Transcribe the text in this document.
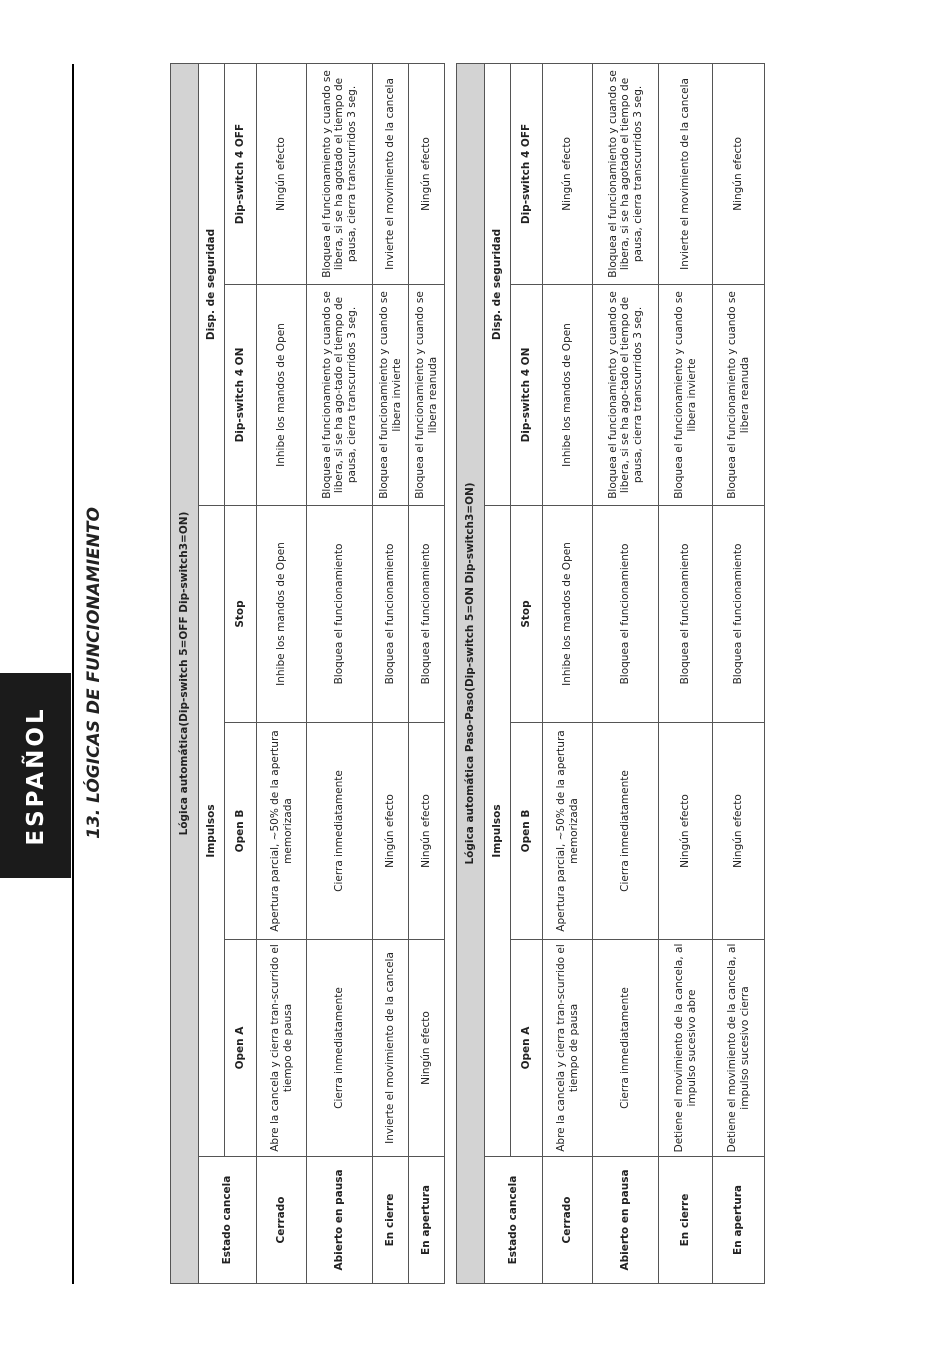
ESPAÑOL 13. LÓGICAS DE FUNCIONAMIENTO	Lógica automática(Dip-switch 5=OFF Dip-switch3=ON)					
Estado cancela	Impulsos			Disp. de seguridad	
	Open A	Open B	Stop	Dip-switch 4 ON	Dip-switch 4 OFF

Cerrado	Abre la cancela y cierra tran-scurrido el tiempo de pausa	Apertura parcial, ~50% de la apertura memorizada	Inhibe los mandos de Open	Inhibe los mandos de Open	Ningún efecto
Abierto en pausa	Cierra inmediatamente	Cierra inmediatamente	Bloquea el funcionamiento	Bloquea el funcionamiento y cuando se libera, si se ha ago-tado el tiempo de pausa, cierra transcurridos 3 seg.	Bloquea el funcionamiento y cuando se libera, si se ha agotado el tiempo de pausa, cierra transcurridos 3 seg.
En cierre	Invierte el movimiento de la cancela	Ningún efecto	Bloquea el funcionamiento	Bloquea el funcionamiento y cuando se libera invierte	Invierte el movimiento de la cancela
En apertura	Ningún efecto	Ningún efecto	Bloquea el funcionamiento	Bloquea el funcionamiento y cuando se libera reanuda	Ningún efecto
Lógica automática Paso-Paso(Dip-switch 5=ON Dip-switch3=ON)					
Estado cancela	Impulsos			Disp. de seguridad	
	Open A	Open B	Stop	Dip-switch 4 ON	Dip-switch 4 OFF

Cerrado	Abre la cancela y cierra tran-scurrido el tiempo de pausa	Apertura parcial, ~50% de la apertura memorizada	Inhibe los mandos de Open	Inhibe los mandos de Open	Ningún efecto
Abierto en pausa	Cierra inmediatamente	Cierra inmediatamente	Bloquea el funcionamiento	Bloquea el funcionamiento y cuando se libera, si se ha ago-tado el tiempo de pausa, cierra transcurridos 3 seg.	Bloquea el funcionamiento y cuando se libera, si se ha agotado el tiempo de pausa, cierra transcurridos 3 seg.
En cierre	Detiene el movimiento de la cancela, al impulso sucesivo abre	Ningún efecto	Bloquea el funcionamiento	Bloquea el funcionamiento y cuando se libera invierte	Invierte el movimiento de la cancela
En apertura	Detiene el movimiento de la cancela, al impulso sucesivo cierra	Ningún efecto	Bloquea el funcionamiento	Bloquea el funcionamiento y cuando se libera reanuda	Ningún efecto
